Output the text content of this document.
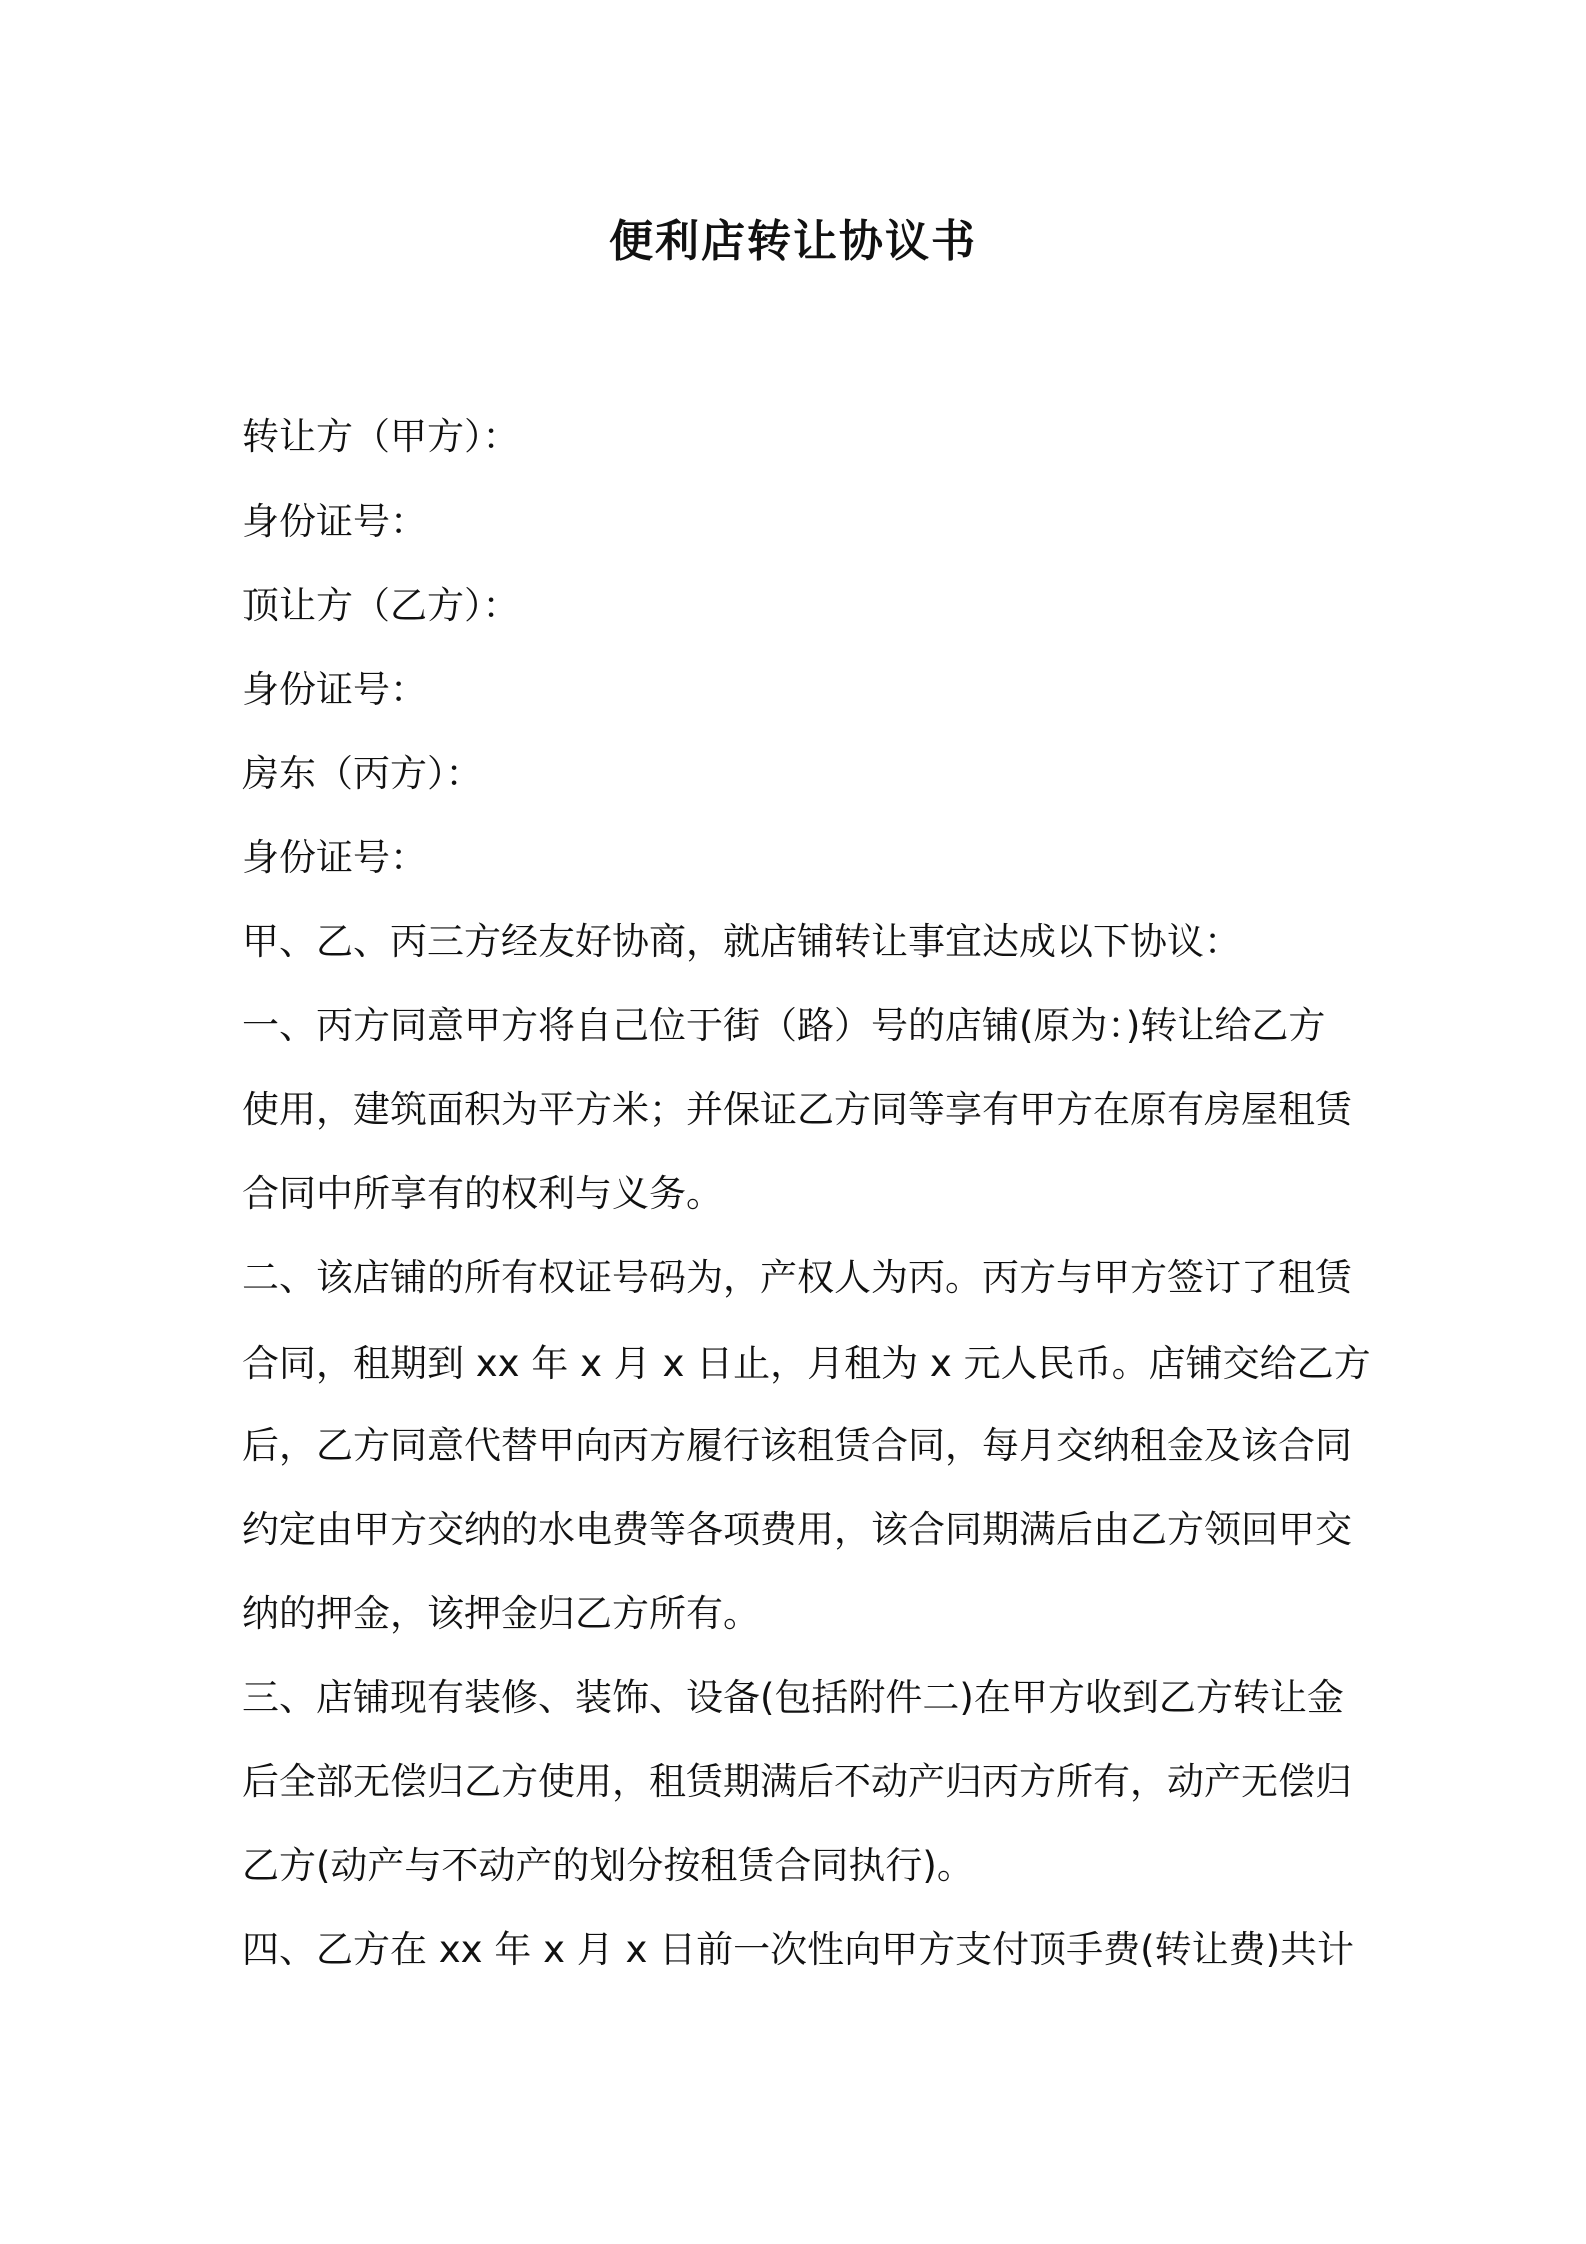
便利店转让协议书
转让方（甲方）：
身份证号：
顶让方（乙方）：
身份证号：
房东（丙方）：
身份证号：
甲、乙、丙三方经友好协商，就店铺转让事宜达成以下协议：
一、丙方同意甲方将自己位于街（路）号的店铺(原为：)转让给乙方
使用，建筑面积为平方米；并保证乙方同等享有甲方在原有房屋租赁
合同中所享有的权利与义务。
二、该店铺的所有权证号码为，产权人为丙。丙方与甲方签订了租赁
合同，租期到 xx 年 x 月 x 日止，月租为 x 元人民币。店铺交给乙方
后，乙方同意代替甲向丙方履行该租赁合同，每月交纳租金及该合同
约定由甲方交纳的水电费等各项费用，该合同期满后由乙方领回甲交
纳的押金，该押金归乙方所有。
三、店铺现有装修、装饰、设备(包括附件二)在甲方收到乙方转让金
后全部无偿归乙方使用，租赁期满后不动产归丙方所有，动产无偿归
乙方(动产与不动产的划分按租赁合同执行)。
四、乙方在 xx 年 x 月 x 日前一次性向甲方支付顶手费(转让费)共计
